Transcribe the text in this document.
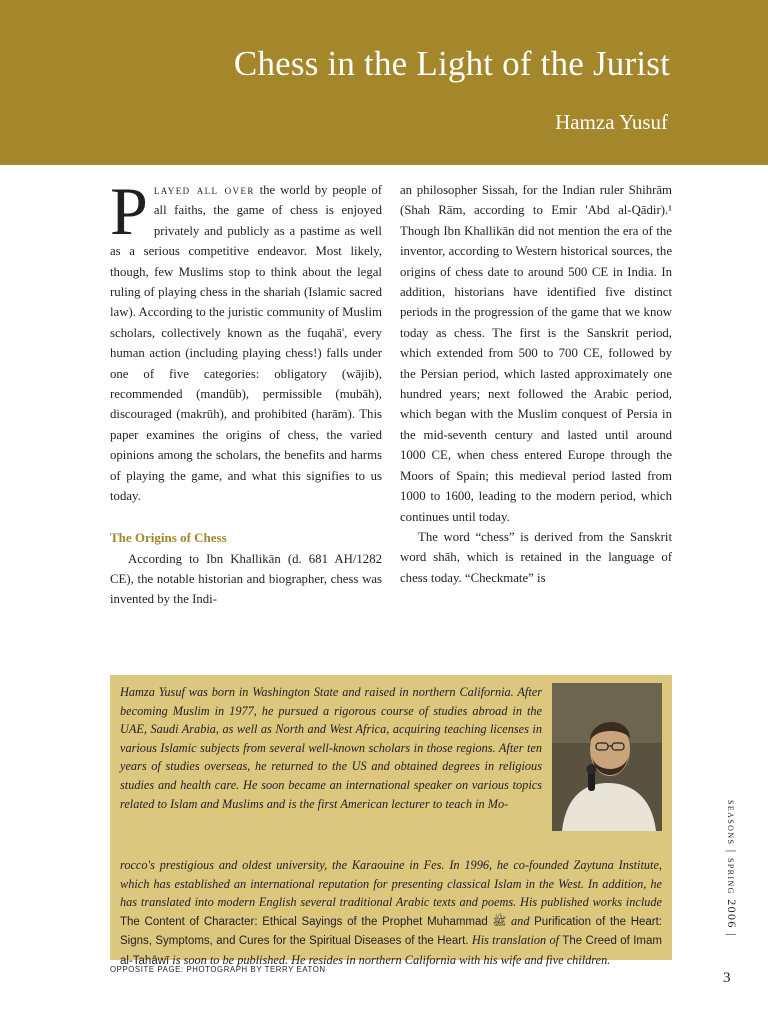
Chess in the Light of the Jurist
Hamza Yusuf

Played all over the world by people of all faiths, the game of chess is enjoyed privately and publicly as a pastime as well as a serious competitive endeavor. Most likely, though, few Muslims stop to think about the legal ruling of playing chess in the shariah (Islamic sacred law). According to the juristic community of Muslim scholars, collectively known as the fuqahā', every human action (including playing chess!) falls under one of five categories: obligatory (wājib), recommended (mandūb), permissible (mubāh), discouraged (makrūh), and prohibited (harām). This paper examines the origins of chess, the varied opinions among the scholars, the benefits and harms of playing the game, and what this signifies to us today.

The Origins of Chess

According to Ibn Khallikān (d. 681 AH/1282 CE), the notable historian and biographer, chess was invented by the Indi-

an philosopher Sissah, for the Indian ruler Shihrām (Shah Rām, according to Emir 'Abd al-Qādir).¹ Though Ibn Khallikān did not mention the era of the inventor, according to Western historical sources, the origins of chess date to around 500 CE in India. In addition, historians have identified five distinct periods in the progression of the game that we know today as chess. The first is the Sanskrit period, which extended from 500 to 700 CE, followed by the Persian period, which lasted approximately one hundred years; next followed the Arabic period, which began with the Muslim conquest of Persia in the mid-seventh century and lasted until around 1000 CE, when chess entered Europe through the Moors of Spain; this medieval period lasted from 1000 to 1600, leading to the modern period, which continues until today.

The word “chess” is derived from the Sanskrit word shāh, which is retained in the language of chess today. “Checkmate” is

Hamza Yusuf was born in Washington State and raised in northern California. After becoming Muslim in 1977, he pursued a rigorous course of studies abroad in the UAE, Saudi Arabia, as well as North and West Africa, acquiring teaching licenses in various Islamic subjects from several well-known scholars in those regions. After ten years of studies overseas, he returned to the US and obtained degrees in religious studies and health care. He soon became an international speaker on various topics related to Islam and Muslims and is the first American lecturer to teach in Mo-
rocco's prestigious and oldest university, the Karaouine in Fes. In 1996, he co-founded Zaytuna Institute, which has established an international reputation for presenting classical Islam in the West. In addition, he has translated into modern English several traditional Arabic texts and poems. His published works include The Content of Character: Ethical Sayings of the Prophet Muhammad ﷺ and Purification of the Heart: Signs, Symptoms, and Cures for the Spiritual Diseases of the Heart. His translation of The Creed of Imam al-Tahāwī is soon to be published. He resides in northern California with his wife and five children.
OPPOSITE PAGE: PHOTOGRAPH BY TERRY EATON
seasons | spring 2006 |
3
